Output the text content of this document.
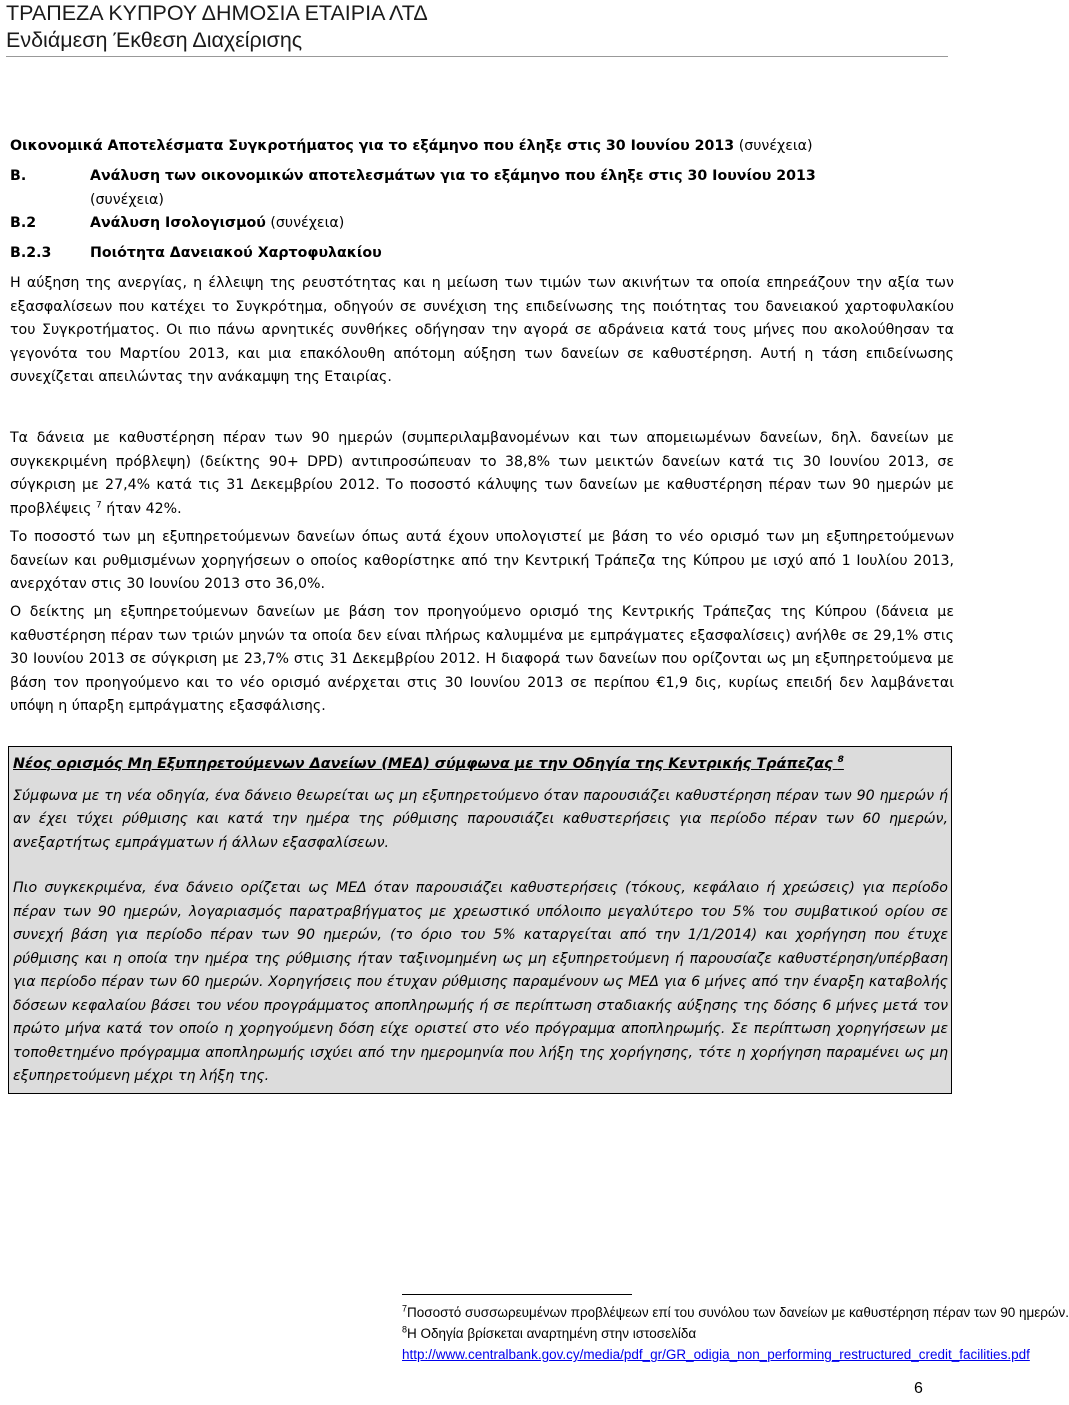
ΤΡΑΠΕΖΑ ΚΥΠΡΟΥ ΔΗΜΟΣΙΑ ΕΤΑΙΡΙΑ ΛΤΔ
Ενδιάμεση Έκθεση Διαχείρισης
Οικονομικά Αποτελέσματα Συγκροτήματος για το εξάμηνο που έληξε στις 30 Ιουνίου 2013 (συνέχεια)
B.	Ανάλυση των οικονομικών αποτελεσμάτων για το εξάμηνο που έληξε στις 30 Ιουνίου 2013
(συνέχεια)
B.2	Ανάλυση Ισολογισμού (συνέχεια)
B.2.3	Ποιότητα Δανειακού Χαρτοφυλακίου

Η αύξηση της ανεργίας, η έλλειψη της ρευστότητας και η μείωση των τιμών των ακινήτων τα οποία επηρεάζουν την αξία των εξασφαλίσεων που κατέχει το Συγκρότημα, οδηγούν σε συνέχιση της επιδείνωσης της ποιότητας του δανειακού χαρτοφυλακίου του Συγκροτήματος. Οι πιο πάνω αρνητικές συνθήκες οδήγησαν την αγορά σε αδράνεια κατά τους μήνες που ακολούθησαν τα γεγονότα του Μαρτίου 2013, και μια επακόλουθη απότομη αύξηση των δανείων σε καθυστέρηση. Αυτή η τάση επιδείνωσης συνεχίζεται απειλώντας την ανάκαμψη της Εταιρίας.

Τα δάνεια με καθυστέρηση πέραν των 90 ημερών (συμπεριλαμβανομένων και των απομειωμένων δανείων, δηλ. δανείων με συγκεκριμένη πρόβλεψη) (δείκτης 90+ DPD) αντιπροσώπευαν το 38,8% των μεικτών δανείων κατά τις 30 Ιουνίου 2013, σε σύγκριση με 27,4% κατά τις 31 Δεκεμβρίου 2012. Το ποσοστό κάλυψης των δανείων με καθυστέρηση πέραν των 90 ημερών με προβλέψεις $^7$ ήταν 42%.

Το ποσοστό των μη εξυπηρετούμενων δανείων όπως αυτά έχουν υπολογιστεί με βάση το νέο ορισμό των μη εξυπηρετούμενων δανείων και ρυθμισμένων χορηγήσεων ο οποίος καθορίστηκε από την Κεντρική Τράπεζα της Κύπρου με ισχύ από 1 Ιουλίου 2013, ανερχόταν στις 30 Ιουνίου 2013 στο 36,0%.

Ο δείκτης μη εξυπηρετούμενων δανείων με βάση τον προηγούμενο ορισμό της Κεντρικής Τράπεζας της Κύπρου (δάνεια με καθυστέρηση πέραν των τριών μηνών τα οποία δεν είναι πλήρως καλυμμένα με εμπράγματες εξασφαλίσεις) ανήλθε σε 29,1% στις 30 Ιουνίου 2013 σε σύγκριση με 23,7% στις 31 Δεκεμβρίου 2012. Η διαφορά των δανείων που ορίζονται ως μη εξυπηρετούμενα με βάση τον προηγούμενο και το νέο ορισμό ανέρχεται στις 30 Ιουνίου 2013 σε περίπου €1,9 δις, κυρίως επειδή δεν λαμβάνεται υπόψη η ύπαρξη εμπράγματης εξασφάλισης.

Νέος ορισμός Μη Εξυπηρετούμενων Δανείων (ΜΕΔ) σύμφωνα με την Οδηγία της Κεντρικής Τράπεζας $^8$

Σύμφωνα με τη νέα οδηγία, ένα δάνειο θεωρείται ως μη εξυπηρετούμενο όταν παρουσιάζει καθυστέρηση πέραν των 90 ημερών ή αν έχει τύχει ρύθμισης και κατά την ημέρα της ρύθμισης παρουσιάζει καθυστερήσεις για περίοδο πέραν των 60 ημερών, ανεξαρτήτως εμπράγματων ή άλλων εξασφαλίσεων.

Πιο συγκεκριμένα, ένα δάνειο ορίζεται ως ΜΕΔ όταν παρουσιάζει καθυστερήσεις (τόκους, κεφάλαιο ή χρεώσεις) για περίοδο πέραν των 90 ημερών, λογαριασμός παρατραβήγματος με χρεωστικό υπόλοιπο μεγαλύτερο του 5% του συμβατικού ορίου σε συνεχή βάση για περίοδο πέραν των 90 ημερών, (το όριο του 5% καταργείται από την 1/1/2014) και χορήγηση που έτυχε ρύθμισης και η οποία την ημέρα της ρύθμισης ήταν ταξινομημένη ως μη εξυπηρετούμενη ή παρουσίαζε καθυστέρηση/υπέρβαση για περίοδο πέραν των 60 ημερών. Χορηγήσεις που έτυχαν ρύθμισης παραμένουν ως ΜΕΔ για 6 μήνες από την έναρξη καταβολής δόσεων κεφαλαίου βάσει του νέου προγράμματος αποπληρωμής ή σε περίπτωση σταδιακής αύξησης της δόσης 6 μήνες μετά τον πρώτο μήνα κατά τον οποίο η χορηγούμενη δόση είχε οριστεί στο νέο πρόγραμμα αποπληρωμής. Σε περίπτωση χορηγήσεων με τοποθετημένο πρόγραμμα αποπληρωμής ισχύει από την ημερομηνία που λήξη της χορήγησης, τότε η χορήγηση παραμένει ως μη εξυπηρετούμενη μέχρι τη λήξη της.

$^7$Ποσοστό συσσωρευμένων προβλέψεων επί του συνόλου των δανείων με καθυστέρηση πέραν των 90 ημερών.
$^8$Η Οδηγία βρίσκεται αναρτημένη στην ιστοσελίδα
http://www.centralbank.gov.cy/media/pdf_gr/GR_odigia_non_performing_restructured_credit_facilities.pdf
6
